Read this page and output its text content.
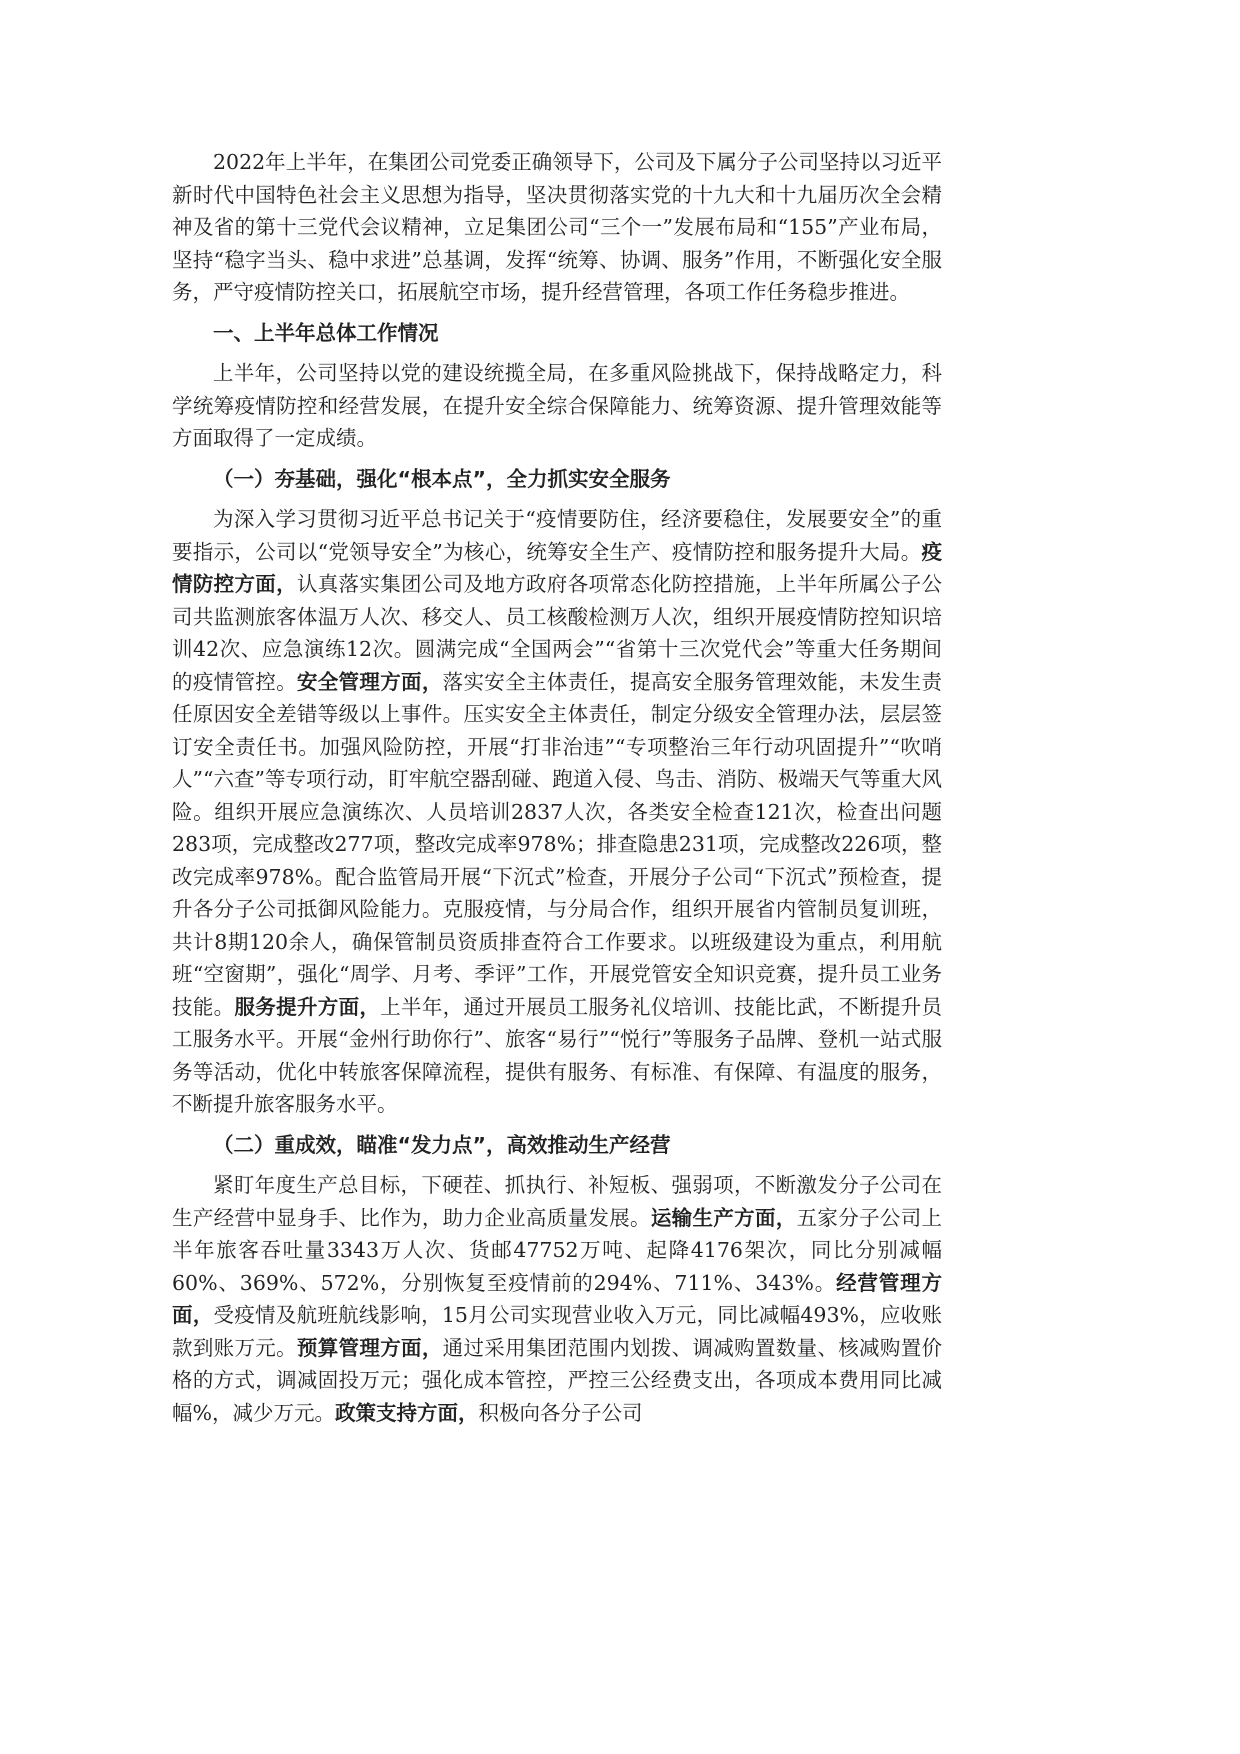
2022年上半年，在集团公司党委正确领导下，公司及下属分子公司坚持以习近平新时代中国特色社会主义思想为指导，坚决贯彻落实党的十九大和十九届历次全会精神及省的第十三党代会议精神，立足集团公司“三个一”发展布局和“155”产业布局，坚持“稳字当头、稳中求进”总基调，发挥“统筹、协调、服务”作用，不断强化安全服务，严守疫情防控关口，拓展航空市场，提升经营管理，各项工作任务稳步推进。

一、上半年总体工作情况

上半年，公司坚持以党的建设统揽全局，在多重风险挑战下，保持战略定力，科学统筹疫情防控和经营发展，在提升安全综合保障能力、统筹资源、提升管理效能等方面取得了一定成绩。

（一）夯基础，强化“根本点”，全力抓实安全服务

为深入学习贯彻习近平总书记关于“疫情要防住，经济要稳住，发展要安全”的重要指示，公司以“党领导安全”为核心，统筹安全生产、疫情防控和服务提升大局。疫情防控方面，认真落实集团公司及地方政府各项常态化防控措施，上半年所属公子公司共监测旅客体温万人次、移交人、员工核酸检测万人次，组织开展疫情防控知识培训42次、应急演练12次。圆满完成“全国两会”“省第十三次党代会”等重大任务期间的疫情管控。安全管理方面，落实安全主体责任，提高安全服务管理效能，未发生责任原因安全差错等级以上事件。压实安全主体责任，制定分级安全管理办法，层层签订安全责任书。加强风险防控，开展“打非治违”“专项整治三年行动巩固提升”“吹哨人”“六查”等专项行动，盯牢航空器刮碰、跑道入侵、鸟击、消防、极端天气等重大风险。组织开展应急演练次、人员培训2837人次，各类安全检查121次，检查出问题283项，完成整改277项，整改完成率978%；排查隐患231项，完成整改226项，整改完成率978%。配合监管局开展“下沉式”检查，开展分子公司“下沉式”预检查，提升各分子公司抵御风险能力。克服疫情，与分局合作，组织开展省内管制员复训班，共计8期120余人，确保管制员资质排查符合工作要求。以班级建设为重点，利用航班“空窗期”，强化“周学、月考、季评”工作，开展党管安全知识竞赛，提升员工业务技能。服务提升方面，上半年，通过开展员工服务礼仪培训、技能比武，不断提升员工服务水平。开展“金州行助你行”、旅客“易行”“悦行”等服务子品牌、登机一站式服务等活动，优化中转旅客保障流程，提供有服务、有标准、有保障、有温度的服务，不断提升旅客服务水平。

（二）重成效，瞄准“发力点”，高效推动生产经营

紧盯年度生产总目标，下硬茬、抓执行、补短板、强弱项，不断激发分子公司在生产经营中显身手、比作为，助力企业高质量发展。运输生产方面，五家分子公司上半年旅客吞吐量3343万人次、货邮47752万吨、起降4176架次，同比分别减幅60%、369%、572%，分别恢复至疫情前的294%、711%、343%。经营管理方面，受疫情及航班航线影响，15月公司实现营业收入万元，同比减幅493%，应收账款到账万元。预算管理方面，通过采用集团范围内划拨、调减购置数量、核减购置价格的方式，调减固投万元；强化成本管控，严控三公经费支出，各项成本费用同比减幅%，减少万元。政策支持方面，积极向各分子公司
